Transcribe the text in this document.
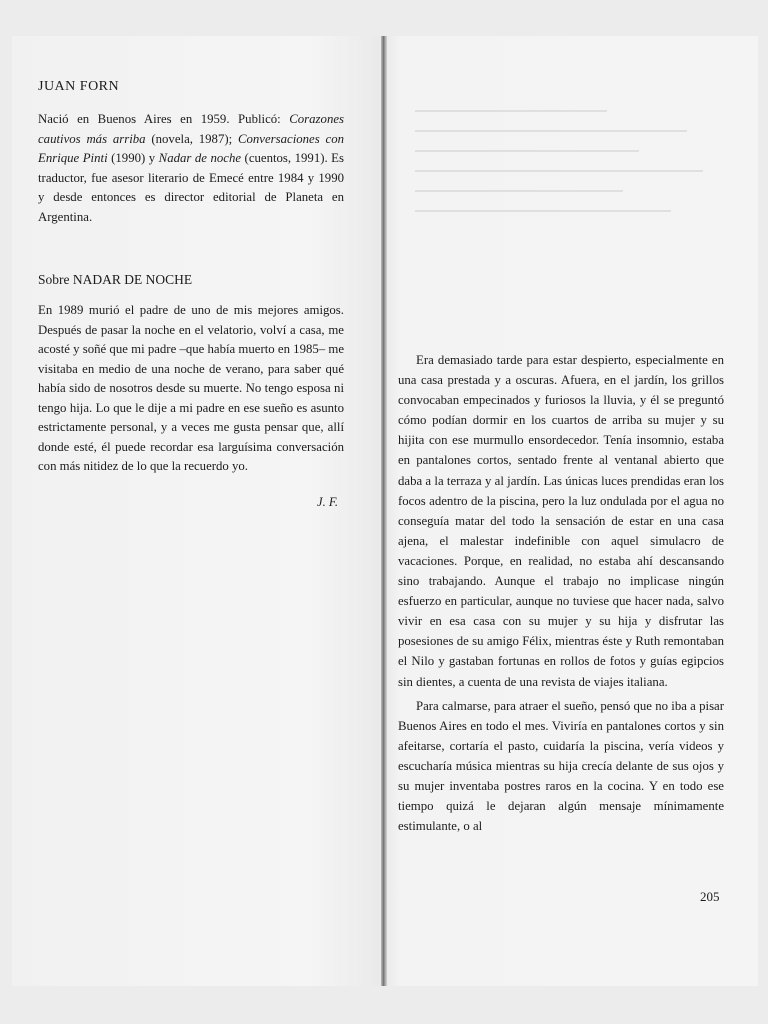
JUAN FORN

Nació en Buenos Aires en 1959. Publicó: Corazones cautivos más arriba (novela, 1987); Conversaciones con Enrique Pinti (1990) y Nadar de noche (cuentos, 1991). Es traductor, fue asesor literario de Emecé entre 1984 y 1990 y desde entonces es director editorial de Planeta en Argentina.

Sobre NADAR DE NOCHE

En 1989 murió el padre de uno de mis mejores amigos. Después de pasar la noche en el velatorio, volví a casa, me acosté y soñé que mi padre –que había muerto en 1985– me visitaba en medio de una noche de verano, para saber qué había sido de nosotros desde su muerte. No tengo esposa ni tengo hija. Lo que le dije a mi padre en ese sueño es asunto estrictamente personal, y a veces me gusta pensar que, allí donde esté, él puede recordar esa larguísima conversación con más nitidez de lo que la recuerdo yo.

J. F.

Era demasiado tarde para estar despierto, especialmente en una casa prestada y a oscuras. Afuera, en el jardín, los grillos convocaban empecinados y furiosos la lluvia, y él se preguntó cómo podían dormir en los cuartos de arriba su mujer y su hijita con ese murmullo ensordecedor. Tenía insomnio, estaba en pantalones cortos, sentado frente al ventanal abierto que daba a la terraza y al jardín. Las únicas luces prendidas eran los focos adentro de la piscina, pero la luz ondulada por el agua no conseguía matar del todo la sensación de estar en una casa ajena, el malestar indefinible con aquel simulacro de vacaciones. Porque, en realidad, no estaba ahí descansando sino trabajando. Aunque el trabajo no implicase ningún esfuerzo en particular, aunque no tuviese que hacer nada, salvo vivir en esa casa con su mujer y su hija y disfrutar las posesiones de su amigo Félix, mientras éste y Ruth remontaban el Nilo y gastaban fortunas en rollos de fotos y guías egipcios sin dientes, a cuenta de una revista de viajes italiana.

Para calmarse, para atraer el sueño, pensó que no iba a pisar Buenos Aires en todo el mes. Viviría en pantalones cortos y sin afeitarse, cortaría el pasto, cuidaría la piscina, vería videos y escucharía música mientras su hija crecía delante de sus ojos y su mujer inventaba postres raros en la cocina. Y en todo ese tiempo quizá le dejaran algún mensaje mínimamente estimulante, o al

205
